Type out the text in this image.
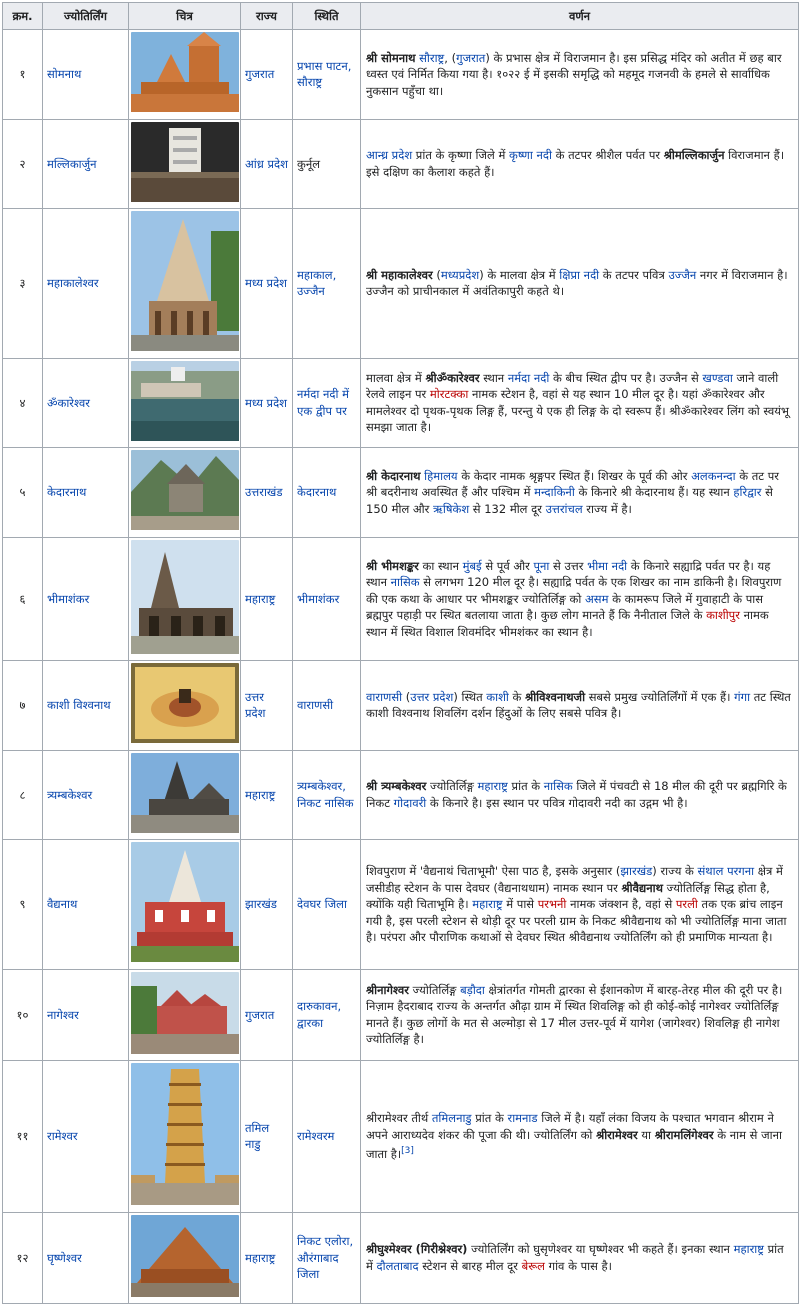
क्रम.	ज्योतिर्लिंग	चित्र	राज्य	स्थिति	वर्णन
१	सोमनाथ		गुजरात	प्रभास पाटन, सौराष्ट्र	श्री सोमनाथ सौराष्ट्र, (गुजरात) के प्रभास क्षेत्र में विराजमान है। इस प्रसिद्ध मंदिर को अतीत में छह बार ध्वस्त एवं निर्मित किया गया है। १०२२ ई में इसकी समृद्धि को महमूद गजनवी के हमले से सार्वाधिक नुकसान पहुँचा था।
२	मल्लिकार्जुन		आंध्र प्रदेश	कुर्नूल	आन्ध्र प्रदेश प्रांत के कृष्णा जिले में कृष्णा नदी के तटपर श्रीशैल पर्वत पर श्रीमल्लिकार्जुन विराजमान हैं। इसे दक्षिण का कैलाश कहते हैं।
३	महाकालेश्वर		मध्य प्रदेश	महाकाल, उज्जैन	श्री महाकालेश्वर (मध्यप्रदेश) के मालवा क्षेत्र में क्षिप्रा नदी के तटपर पवित्र उज्जैन नगर में विराजमान है। उज्जैन को प्राचीनकाल में अवंतिकापुरी कहते थे।
४	ॐकारेश्वर		मध्य प्रदेश	नर्मदा नदी में एक द्वीप पर	मालवा क्षेत्र में श्रीॐकारेश्वर स्थान नर्मदा नदी के बीच स्थित द्वीप पर है। उज्जैन से खण्डवा जाने वाली रेलवे लाइन पर मोरटक्का नामक स्टेशन है, वहां से यह स्थान 10 मील दूर है। यहां ॐकारेश्वर और मामलेश्वर दो पृथक-पृथक लिङ्ग हैं, परन्तु ये एक ही लिङ्ग के दो स्वरूप हैं। श्रीॐकारेश्वर लिंग को स्वयंभू समझा जाता है।
५	केदारनाथ		उत्तराखंड	केदारनाथ	श्री केदारनाथ हिमालय के केदार नामक श्रृङ्गपर स्थित हैं। शिखर के पूर्व की ओर अलकनन्दा के तट पर श्री बदरीनाथ अवस्थित हैं और पश्चिम में मन्दाकिनी के किनारे श्री केदारनाथ हैं। यह स्थान हरिद्वार से 150 मील और ऋषिकेश से 132 मील दूर उत्तरांचल राज्य में है।
६	भीमाशंकर		महाराष्ट्र	भीमाशंकर	श्री भीमशङ्कर का स्थान मुंबई से पूर्व और पूना से उत्तर भीमा नदी के किनारे सह्याद्रि पर्वत पर है। यह स्थान नासिक से लगभग 120 मील दूर है। सह्याद्रि पर्वत के एक शिखर का नाम डाकिनी है। शिवपुराण की एक कथा के आधार पर भीमशङ्कर ज्योतिर्लिङ्ग को असम के कामरूप जिले में गुवाहाटी के पास ब्रह्मपुर पहाड़ी पर स्थित बतलाया जाता है। कुछ लोग मानते हैं कि नैनीताल जिले के काशीपुर नामक स्थान में स्थित विशाल शिवमंदिर भीमशंकर का स्थान है।
७	काशी विश्वनाथ		उत्तर प्रदेश	वाराणसी	वाराणसी (उत्तर प्रदेश) स्थित काशी के श्रीविश्वनाथजी सबसे प्रमुख ज्योतिर्लिंगों में एक हैं। गंगा तट स्थित काशी विश्वनाथ शिवलिंग दर्शन हिंदुओं के लिए सबसे पवित्र है।
८	त्र्यम्बकेश्वर		महाराष्ट्र	त्र्यम्बकेश्वर, निकट नासिक	श्री त्र्यम्बकेश्वर ज्योतिर्लिङ्ग महाराष्ट्र प्रांत के नासिक जिले में पंचवटी से 18 मील की दूरी पर ब्रह्मगिरि के निकट गोदावरी के किनारे है। इस स्थान पर पवित्र गोदावरी नदी का उद्गम भी है।
९	वैद्यनाथ		झारखंड	देवघर जिला	शिवपुराण में 'वैद्यनाथं चिताभूमौ' ऐसा पाठ है, इसके अनुसार (झारखंड) राज्य के संथाल परगना क्षेत्र में जसीडीह स्टेशन के पास देवघर (वैद्यनाथधाम) नामक स्थान पर श्रीवैद्यनाथ ज्योतिर्लिङ्ग सिद्ध होता है, क्योंकि यही चिताभूमि है। महाराष्ट्र में पासे परभनी नामक जंक्शन है, वहां से परली तक एक ब्रांच लाइन गयी है, इस परली स्टेशन से थोड़ी दूर पर परली ग्राम के निकट श्रीवैद्यनाथ को भी ज्योतिर्लिङ्ग माना जाता है। परंपरा और पौराणिक कथाओं से देवघर स्थित श्रीवैद्यनाथ ज्योतिर्लिंग को ही प्रमाणिक मान्यता है।
१०	नागेश्वर		गुजरात	दारुकावन, द्वारका	श्रीनागेश्वर ज्योतिर्लिङ्ग बड़ौदा क्षेत्रांतर्गत गोमती द्वारका से ईशानकोण में बारह-तेरह मील की दूरी पर है। निज़ाम हैदराबाद राज्य के अन्तर्गत औढ़ा ग्राम में स्थित शिवलिङ्ग को ही कोई-कोई नागेश्वर ज्योतिर्लिङ्ग मानते हैं। कुछ लोगों के मत से अल्मोड़ा से 17 मील उत्तर-पूर्व में यागेश (जागेश्वर) शिवलिङ्ग ही नागेश ज्योतिर्लिङ्ग है।
११	रामेश्वर		तमिल नाडु	रामेश्वरम	श्रीरामेश्वर तीर्थ तमिलनाडु प्रांत के रामनाड जिले में है। यहाँ लंका विजय के पश्चात भगवान श्रीराम ने अपने आराध्यदेव शंकर की पूजा की थी। ज्योतिर्लिंग को श्रीरामेश्वर या श्रीरामलिंगेश्वर के नाम से जाना जाता है।[3]
१२	घृष्णेश्वर		महाराष्ट्र	निकट एलोरा, औरंगाबाद जिला	श्रीघुश्मेश्वर (गिरीश्नेश्वर) ज्योतिर्लिंग को घुसृणेश्वर या घृष्णेश्वर भी कहते हैं। इनका स्थान महाराष्ट्र प्रांत में दौलताबाद स्टेशन से बारह मील दूर बेरूल गांव के पास है।
